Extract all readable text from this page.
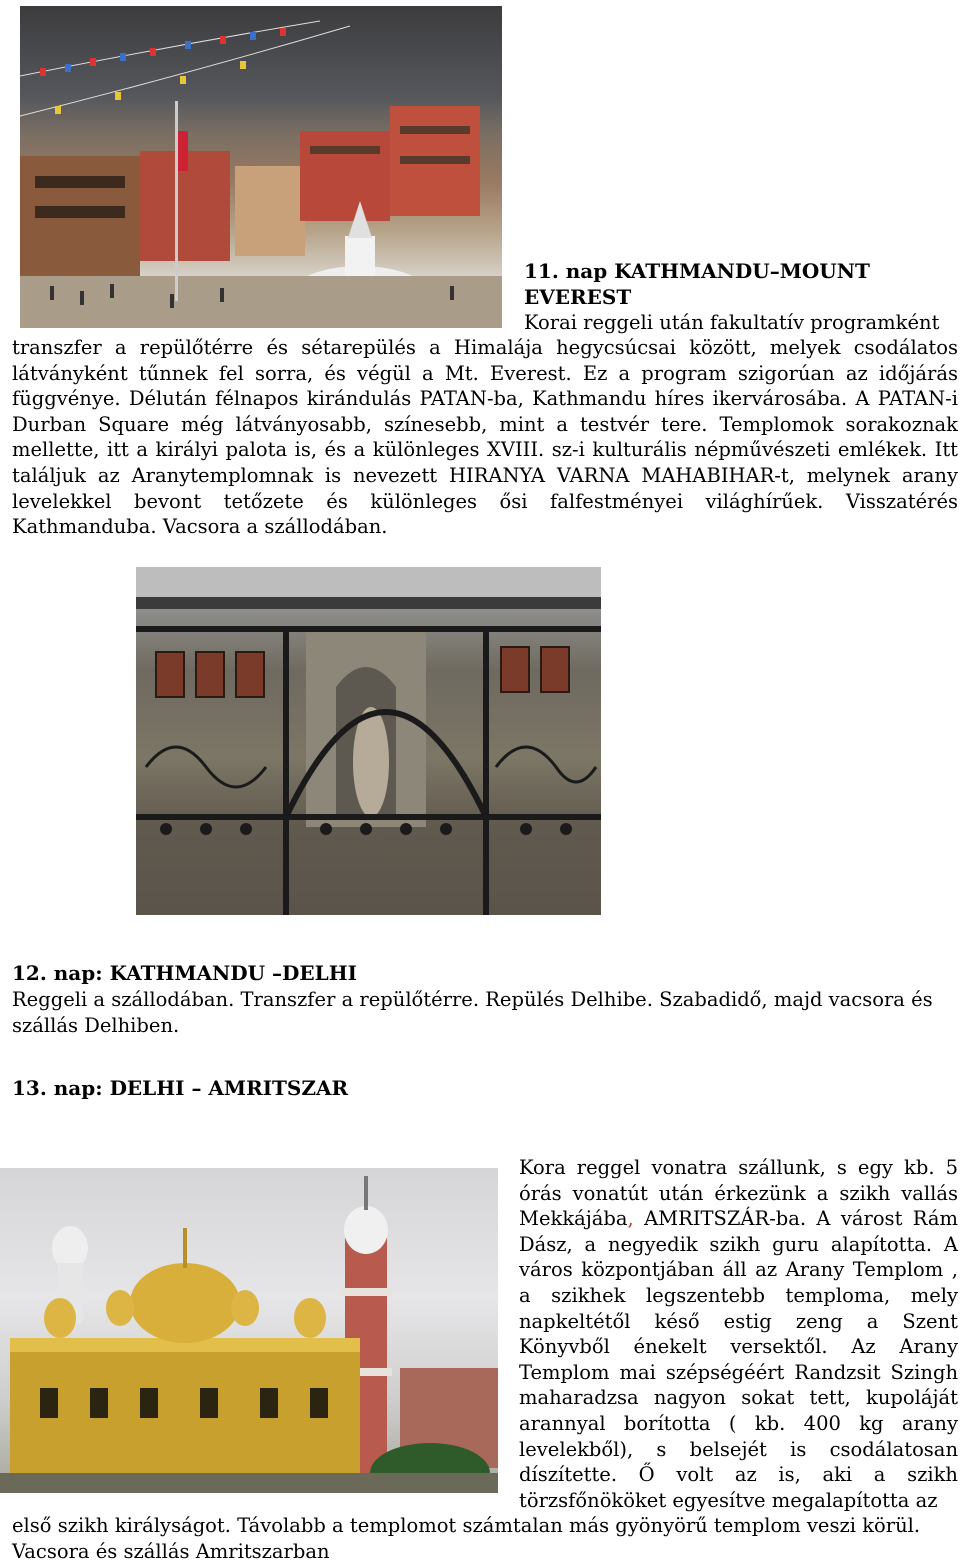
11. nap KATHMANDU–MOUNT EVEREST

Korai reggeli után fakultatív programként

transzfer a repülőtérre és sétarepülés a Himalája hegycsúcsai között, melyek csodálatos látványként tűnnek fel sorra, és végül a Mt. Everest. Ez a program szigorúan az időjárás függvénye. Délután félnapos kirándulás PATAN-ba, Kathmandu híres ikervárosába. A PATAN-i Durban Square még látványosabb, színesebb, mint a testvér tere. Templomok sorakoznak mellette, itt a királyi palota is, és a különleges XVIII. sz-i kulturális népművészeti emlékek. Itt találjuk az Aranytemplomnak is nevezett HIRANYA VARNA MAHABIHAR-t, melynek arany levelekkel bevont tetőzete és különleges ősi falfestményei világhírűek. Visszatérés Kathmanduba. Vacsora a szállodában.

12. nap: KATHMANDU –DELHI

Reggeli a szállodában. Transzfer a repülőtérre. Repülés Delhibe. Szabadidő, majd vacsora és szállás Delhiben.

13. nap: DELHI – AMRITSZAR

Kora reggel vonatra szállunk, s egy kb. 5 órás vonatút után érkezünk a szikh vallás Mekkájába, AMRITSZÁR-ba. A várost Rám Dász, a negyedik szikh guru alapította. A város központjában áll az Arany Templom , a szikhek legszentebb temploma, mely napkeltétől késő estig zeng a Szent Könyvből énekelt versektől. Az Arany Templom mai szépségéért Randzsit Szingh maharadzsa nagyon sokat tett, kupoláját arannyal borította ( kb. 400 kg arany levelekből), s belsejét is csodálatosan díszítette. Ő volt az is, aki a szikh törzsfőnököket egyesítve megalapította az

első szikh királyságot. Távolabb a templomot számtalan más gyönyörű templom veszi körül. Vacsora és szállás Amritszarban
